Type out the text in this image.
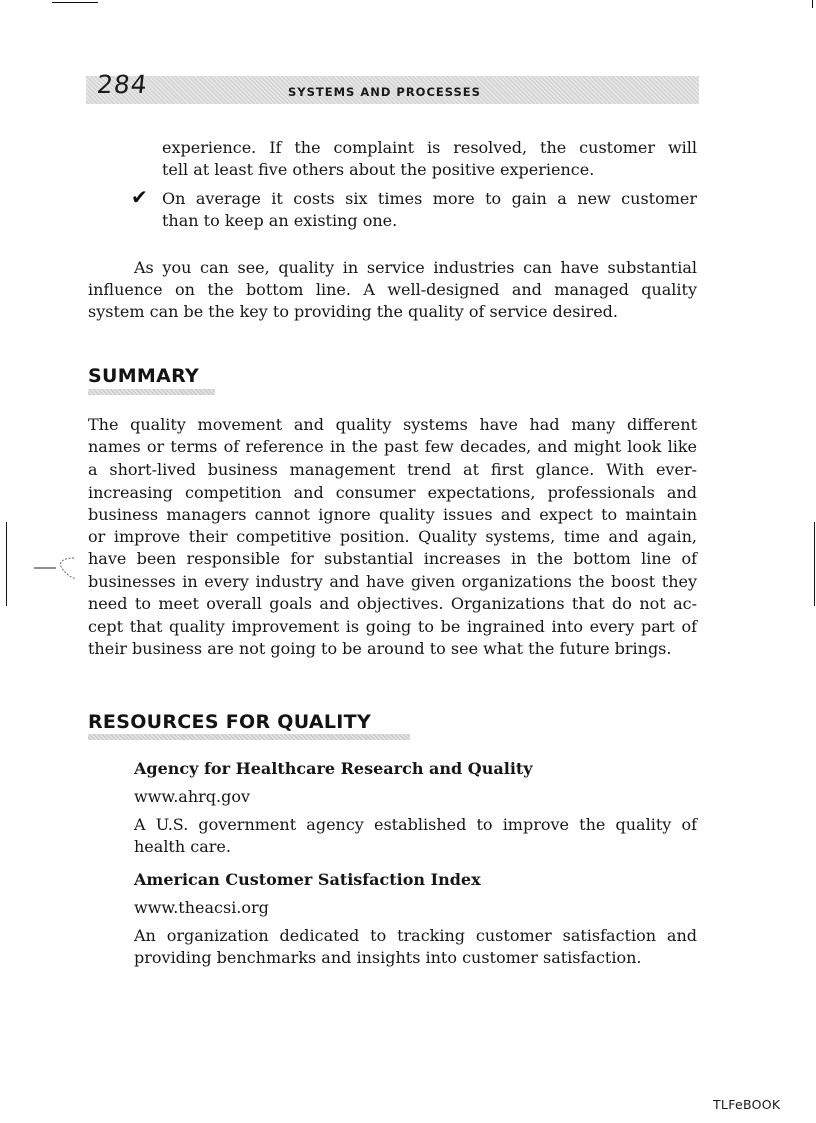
284	SYSTEMS AND PROCESSES
experience. If the complaint is resolved, the customer will
tell at least five others about the positive experience.
✔ On average it costs six times more to gain a new customer
than to keep an existing one.
As you can see, quality in service industries can have substantial
influence on the bottom line. A well-designed and managed quality
system can be the key to providing the quality of service desired.
SUMMARY
The quality movement and quality systems have had many different
names or terms of reference in the past few decades, and might look like
a short-lived business management trend at first glance. With ever-
increasing competition and consumer expectations, professionals and
business managers cannot ignore quality issues and expect to maintain
or improve their competitive position. Quality systems, time and again,
have been responsible for substantial increases in the bottom line of
businesses in every industry and have given organizations the boost they
need to meet overall goals and objectives. Organizations that do not ac-
cept that quality improvement is going to be ingrained into every part of
their business are not going to be around to see what the future brings.
RESOURCES FOR QUALITY
Agency for Healthcare Research and Quality
www.ahrq.gov
A U.S. government agency established to improve the quality of
health care.
American Customer Satisfaction Index
www.theacsi.org
An organization dedicated to tracking customer satisfaction and
providing benchmarks and insights into customer satisfaction.
TLFeBOOK
